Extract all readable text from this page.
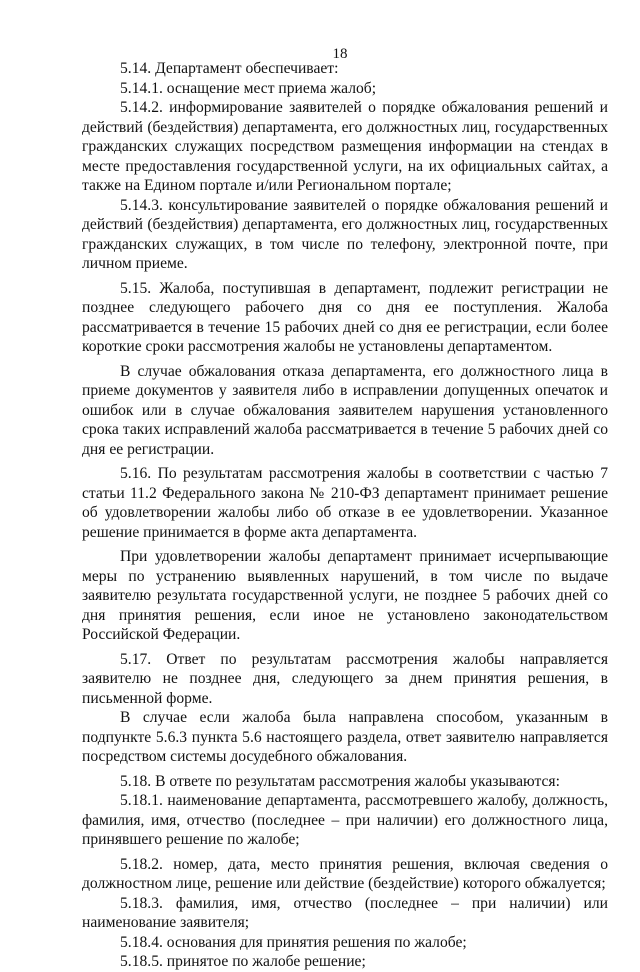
18

5.14. Департамент обеспечивает:

5.14.1. оснащение мест приема жалоб;

5.14.2. информирование заявителей о порядке обжалования решений и действий (бездействия) департамента, его должностных лиц, государственных гражданских служащих посредством размещения информации на стендах в месте предоставления государственной услуги, на их официальных сайтах, а также на Едином портале и/или Региональном портале;

5.14.3. консультирование заявителей о порядке обжалования решений и действий (бездействия) департамента, его должностных лиц, государственных гражданских служащих, в том числе по телефону, электронной почте, при личном приеме.

5.15. Жалоба, поступившая в департамент, подлежит регистрации не позднее следующего рабочего дня со дня ее поступления. Жалоба рассматривается в течение 15 рабочих дней со дня ее регистрации, если более короткие сроки рассмотрения жалобы не установлены департаментом.

В случае обжалования отказа департамента, его должностного лица в приеме документов у заявителя либо в исправлении допущенных опечаток и ошибок или в случае обжалования заявителем нарушения установленного срока таких исправлений жалоба рассматривается в течение 5 рабочих дней со дня ее регистрации.

5.16. По результатам рассмотрения жалобы в соответствии с частью 7 статьи 11.2 Федерального закона № 210-ФЗ департамент принимает решение об удовлетворении жалобы либо об отказе в ее удовлетворении. Указанное решение принимается в форме акта департамента.

При удовлетворении жалобы департамент принимает исчерпывающие меры по устранению выявленных нарушений, в том числе по выдаче заявителю результата государственной услуги, не позднее 5 рабочих дней со дня принятия решения, если иное не установлено законодательством Российской Федерации.

5.17. Ответ по результатам рассмотрения жалобы направляется заявителю не позднее дня, следующего за днем принятия решения, в письменной форме.

В случае если жалоба была направлена способом, указанным в подпункте 5.6.3 пункта 5.6 настоящего раздела, ответ заявителю направляется посредством системы досудебного обжалования.

5.18. В ответе по результатам рассмотрения жалобы указываются:

5.18.1. наименование департамента, рассмотревшего жалобу, должность, фамилия, имя, отчество (последнее – при наличии) его должностного лица, принявшего решение по жалобе;

5.18.2. номер, дата, место принятия решения, включая сведения о должностном лице, решение или действие (бездействие) которого обжалуется;

5.18.3. фамилия, имя, отчество (последнее – при наличии) или наименование заявителя;

5.18.4. основания для принятия решения по жалобе;

5.18.5. принятое по жалобе решение;
